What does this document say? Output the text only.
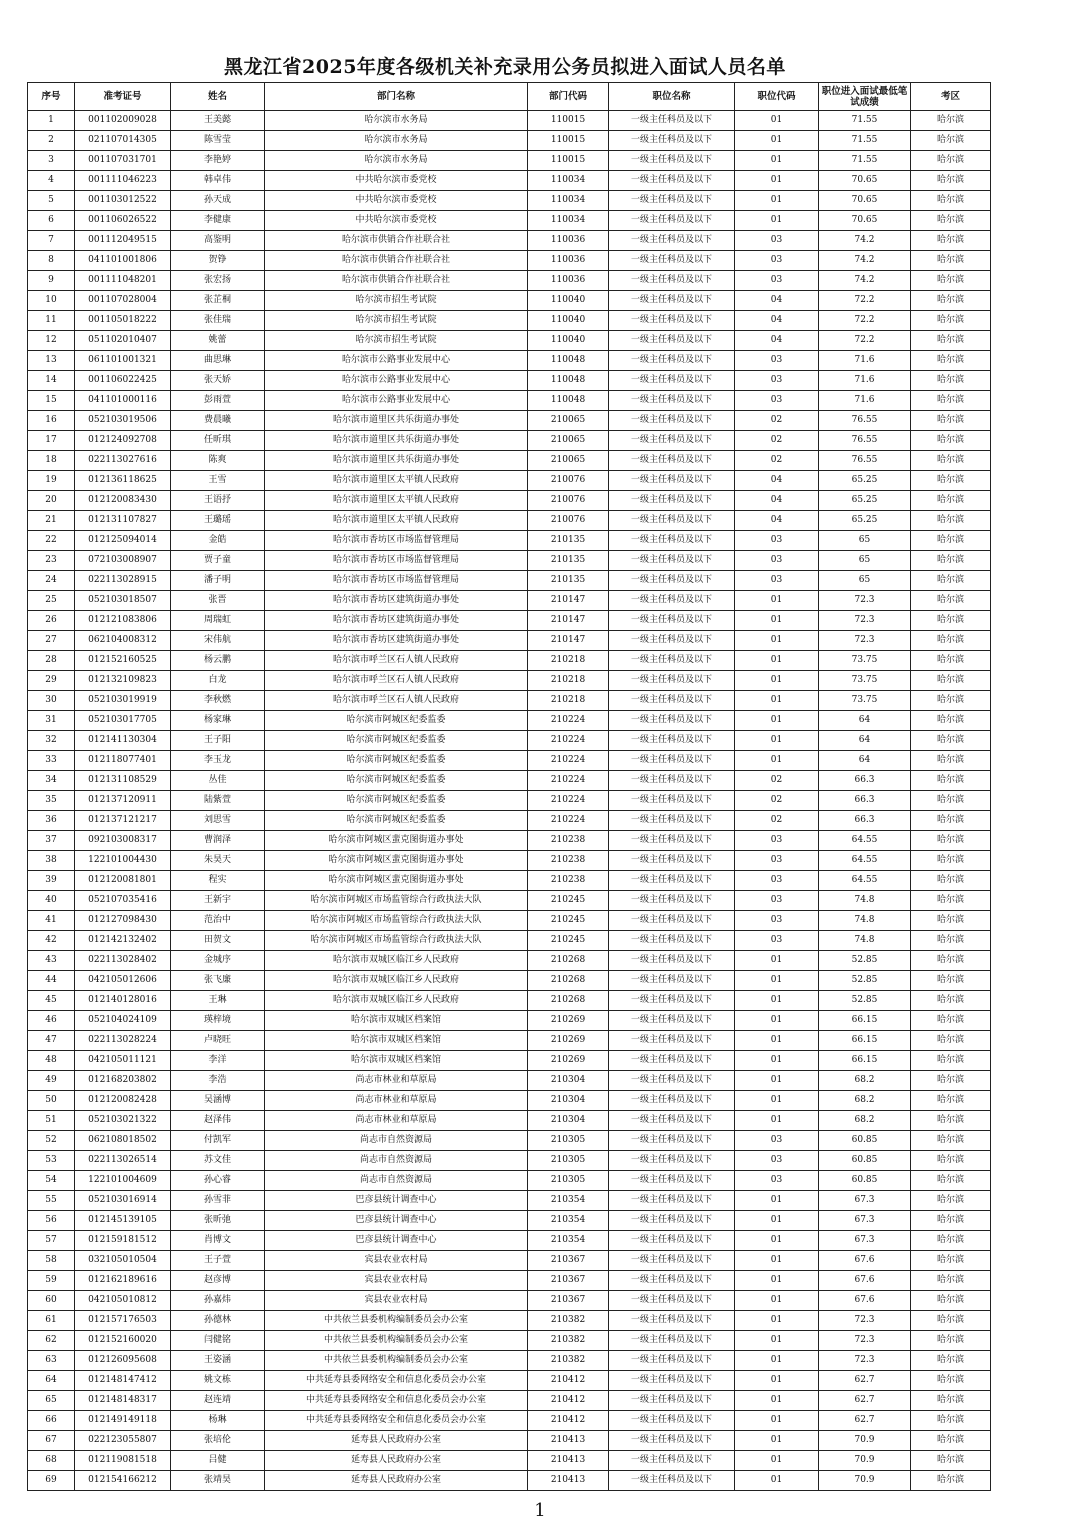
黑龙江省2025年度各级机关补充录用公务员拟进入面试人员名单
序号	准考证号	姓名	部门名称	部门代码	职位名称	职位代码	职位进入面试最低笔试成绩	考区
1	001102009028	王美懿	哈尔滨市水务局	110015	一级主任科员及以下	01	71.55	哈尔滨
2	021107014305	陈雪莹	哈尔滨市水务局	110015	一级主任科员及以下	01	71.55	哈尔滨
3	001107031701	李艳婷	哈尔滨市水务局	110015	一级主任科员及以下	01	71.55	哈尔滨
4	001111046223	韩卓伟	中共哈尔滨市委党校	110034	一级主任科员及以下	01	70.65	哈尔滨
5	001103012522	孙天成	中共哈尔滨市委党校	110034	一级主任科员及以下	01	70.65	哈尔滨
6	001106026522	李健康	中共哈尔滨市委党校	110034	一级主任科员及以下	01	70.65	哈尔滨
7	001112049515	高鉴明	哈尔滨市供销合作社联合社	110036	一级主任科员及以下	03	74.2	哈尔滨
8	041101001806	贺铮	哈尔滨市供销合作社联合社	110036	一级主任科员及以下	03	74.2	哈尔滨
9	001111048201	张宏扬	哈尔滨市供销合作社联合社	110036	一级主任科员及以下	03	74.2	哈尔滨
10	001107028004	张芷桐	哈尔滨市招生考试院	110040	一级主任科员及以下	04	72.2	哈尔滨
11	001105018222	张佳瑞	哈尔滨市招生考试院	110040	一级主任科员及以下	04	72.2	哈尔滨
12	051102010407	姚蕾	哈尔滨市招生考试院	110040	一级主任科员及以下	04	72.2	哈尔滨
13	061101001321	曲思琳	哈尔滨市公路事业发展中心	110048	一级主任科员及以下	03	71.6	哈尔滨
14	001106022425	张天娇	哈尔滨市公路事业发展中心	110048	一级主任科员及以下	03	71.6	哈尔滨
15	041101000116	彭雨萱	哈尔滨市公路事业发展中心	110048	一级主任科员及以下	03	71.6	哈尔滨
16	052103019506	费晨曦	哈尔滨市道里区共乐街道办事处	210065	一级主任科员及以下	02	76.55	哈尔滨
17	012124092708	任昕琪	哈尔滨市道里区共乐街道办事处	210065	一级主任科员及以下	02	76.55	哈尔滨
18	022113027616	陈爽	哈尔滨市道里区共乐街道办事处	210065	一级主任科员及以下	02	76.55	哈尔滨
19	012136118625	王雪	哈尔滨市道里区太平镇人民政府	210076	一级主任科员及以下	04	65.25	哈尔滨
20	012120083430	王语抒	哈尔滨市道里区太平镇人民政府	210076	一级主任科员及以下	04	65.25	哈尔滨
21	012131107827	王璐瑶	哈尔滨市道里区太平镇人民政府	210076	一级主任科员及以下	04	65.25	哈尔滨
22	012125094014	金皓	哈尔滨市香坊区市场监督管理局	210135	一级主任科员及以下	03	65	哈尔滨
23	072103008907	贾子童	哈尔滨市香坊区市场监督管理局	210135	一级主任科员及以下	03	65	哈尔滨
24	022113028915	潘子明	哈尔滨市香坊区市场监督管理局	210135	一级主任科员及以下	03	65	哈尔滨
25	052103018507	张晋	哈尔滨市香坊区建筑街道办事处	210147	一级主任科员及以下	01	72.3	哈尔滨
26	012121083806	周瑞虹	哈尔滨市香坊区建筑街道办事处	210147	一级主任科员及以下	01	72.3	哈尔滨
27	062104008312	宋伟航	哈尔滨市香坊区建筑街道办事处	210147	一级主任科员及以下	01	72.3	哈尔滨
28	012152160525	杨云鹏	哈尔滨市呼兰区石人镇人民政府	210218	一级主任科员及以下	01	73.75	哈尔滨
29	012132109823	白龙	哈尔滨市呼兰区石人镇人民政府	210218	一级主任科员及以下	01	73.75	哈尔滨
30	052103019919	李秋燃	哈尔滨市呼兰区石人镇人民政府	210218	一级主任科员及以下	01	73.75	哈尔滨
31	052103017705	杨家琳	哈尔滨市阿城区纪委监委	210224	一级主任科员及以下	01	64	哈尔滨
32	012141130304	王子阳	哈尔滨市阿城区纪委监委	210224	一级主任科员及以下	01	64	哈尔滨
33	012118077401	李玉龙	哈尔滨市阿城区纪委监委	210224	一级主任科员及以下	01	64	哈尔滨
34	012131108529	丛佳	哈尔滨市阿城区纪委监委	210224	一级主任科员及以下	02	66.3	哈尔滨
35	012137120911	陆紫萱	哈尔滨市阿城区纪委监委	210224	一级主任科员及以下	02	66.3	哈尔滨
36	012137121217	刘思雪	哈尔滨市阿城区纪委监委	210224	一级主任科员及以下	02	66.3	哈尔滨
37	092103008317	曹润泽	哈尔滨市阿城区蜚克图街道办事处	210238	一级主任科员及以下	03	64.55	哈尔滨
38	122101004430	朱昊天	哈尔滨市阿城区蜚克图街道办事处	210238	一级主任科员及以下	03	64.55	哈尔滨
39	012120081801	程实	哈尔滨市阿城区蜚克图街道办事处	210238	一级主任科员及以下	03	64.55	哈尔滨
40	052107035416	王新宇	哈尔滨市阿城区市场监管综合行政执法大队	210245	一级主任科员及以下	03	74.8	哈尔滨
41	012127098430	范治中	哈尔滨市阿城区市场监管综合行政执法大队	210245	一级主任科员及以下	03	74.8	哈尔滨
42	012142132402	田贺文	哈尔滨市阿城区市场监管综合行政执法大队	210245	一级主任科员及以下	03	74.8	哈尔滨
43	022113028402	金城序	哈尔滨市双城区临江乡人民政府	210268	一级主任科员及以下	01	52.85	哈尔滨
44	042105012606	张飞廉	哈尔滨市双城区临江乡人民政府	210268	一级主任科员及以下	01	52.85	哈尔滨
45	012140128016	王琳	哈尔滨市双城区临江乡人民政府	210268	一级主任科员及以下	01	52.85	哈尔滨
46	052104024109	瑛梓境	哈尔滨市双城区档案馆	210269	一级主任科员及以下	01	66.15	哈尔滨
47	022113028224	卢晓旺	哈尔滨市双城区档案馆	210269	一级主任科员及以下	01	66.15	哈尔滨
48	042105011121	李洋	哈尔滨市双城区档案馆	210269	一级主任科员及以下	01	66.15	哈尔滨
49	012168203802	李浩	尚志市林业和草原局	210304	一级主任科员及以下	01	68.2	哈尔滨
50	012120082428	吴涵博	尚志市林业和草原局	210304	一级主任科员及以下	01	68.2	哈尔滨
51	052103021322	赵泽伟	尚志市林业和草原局	210304	一级主任科员及以下	01	68.2	哈尔滨
52	062108018502	付凯军	尚志市自然资源局	210305	一级主任科员及以下	03	60.85	哈尔滨
53	022113026514	苏文佳	尚志市自然资源局	210305	一级主任科员及以下	03	60.85	哈尔滨
54	122101004609	孙心睿	尚志市自然资源局	210305	一级主任科员及以下	03	60.85	哈尔滨
55	052103016914	孙雪菲	巴彦县统计调查中心	210354	一级主任科员及以下	01	67.3	哈尔滨
56	012145139105	张昕弛	巴彦县统计调查中心	210354	一级主任科员及以下	01	67.3	哈尔滨
57	012159181512	肖博文	巴彦县统计调查中心	210354	一级主任科员及以下	01	67.3	哈尔滨
58	032105010504	王子萱	宾县农业农村局	210367	一级主任科员及以下	01	67.6	哈尔滨
59	012162189616	赵彦博	宾县农业农村局	210367	一级主任科员及以下	01	67.6	哈尔滨
60	042105010812	孙嘉炜	宾县农业农村局	210367	一级主任科员及以下	01	67.6	哈尔滨
61	012157176503	孙德林	中共依兰县委机构编制委员会办公室	210382	一级主任科员及以下	01	72.3	哈尔滨
62	012152160020	闫健铭	中共依兰县委机构编制委员会办公室	210382	一级主任科员及以下	01	72.3	哈尔滨
63	012126095608	王姿涵	中共依兰县委机构编制委员会办公室	210382	一级主任科员及以下	01	72.3	哈尔滨
64	012148147412	姚文栋	中共延寿县委网络安全和信息化委员会办公室	210412	一级主任科员及以下	01	62.7	哈尔滨
65	012148148317	赵连靖	中共延寿县委网络安全和信息化委员会办公室	210412	一级主任科员及以下	01	62.7	哈尔滨
66	012149149118	杨琳	中共延寿县委网络安全和信息化委员会办公室	210412	一级主任科员及以下	01	62.7	哈尔滨
67	022123055807	张培伦	延寿县人民政府办公室	210413	一级主任科员及以下	01	70.9	哈尔滨
68	012119081518	吕健	延寿县人民政府办公室	210413	一级主任科员及以下	01	70.9	哈尔滨
69	012154166212	张靖昊	延寿县人民政府办公室	210413	一级主任科员及以下	01	70.9	哈尔滨
1
